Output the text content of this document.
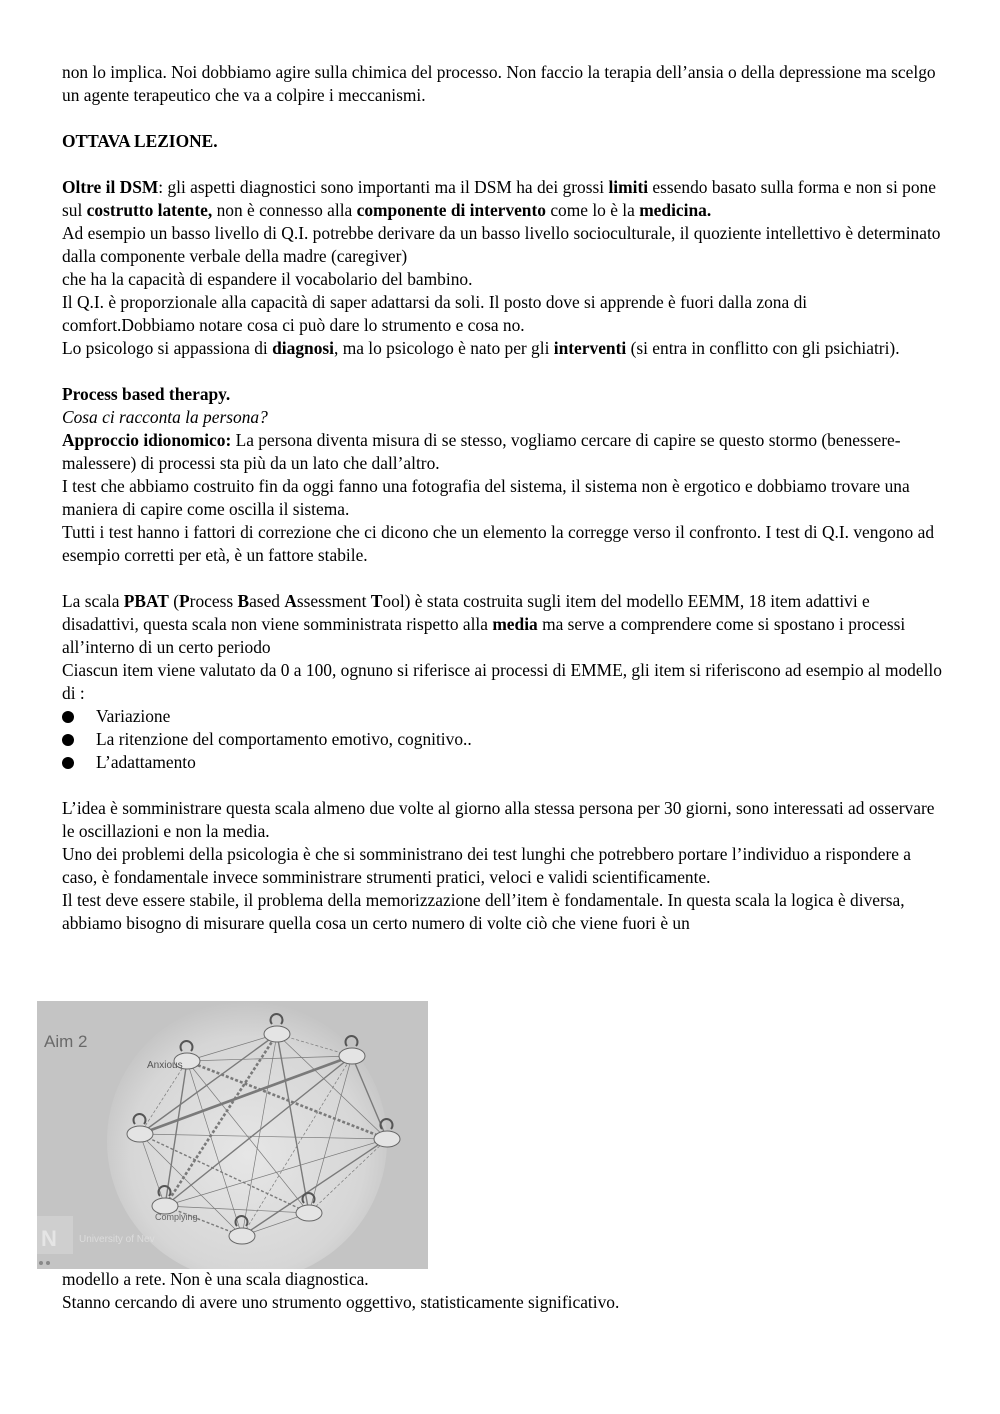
non lo implica. Noi dobbiamo agire sulla chimica del processo. Non faccio la terapia dell’ansia o della depressione ma scelgo un agente terapeutico che va a colpire i meccanismi.

OTTAVA LEZIONE.

Oltre il DSM: gli aspetti diagnostici sono importanti ma il DSM ha dei grossi limiti essendo basato sulla forma e non si pone sul costrutto latente, non è connesso alla componente di intervento come lo è la medicina.

Ad esempio un basso livello di Q.I. potrebbe derivare da un basso livello socioculturale, il quoziente intellettivo è determinato dalla componente verbale della madre (caregiver)

che ha la capacità di espandere il vocabolario del bambino.

Il Q.I. è proporzionale alla capacità di saper adattarsi da soli. Il posto dove si apprende è fuori dalla zona di comfort.Dobbiamo notare cosa ci può dare lo strumento e cosa no.

Lo psicologo si appassiona di diagnosi, ma lo psicologo è nato per gli interventi (si entra in conflitto con gli psichiatri).

Process based therapy.

Cosa ci racconta la persona?

Approccio idionomico: La persona diventa misura di se stesso, vogliamo cercare di capire se questo stormo (benessere-malessere) di processi sta più da un lato che dall’altro.

I test che abbiamo costruito fin da oggi fanno una fotografia del sistema, il sistema non è ergotico e dobbiamo trovare una maniera di capire come oscilla il sistema.

Tutti i test hanno i fattori di correzione che ci dicono che un elemento la corregge verso il confronto. I test di Q.I. vengono ad esempio corretti per età, è un fattore stabile.

La scala PBAT (Process Based Assessment Tool) è stata costruita sugli item del modello EEMM, 18 item adattivi e disadattivi, questa scala non viene somministrata rispetto alla media ma serve a comprendere come si spostano i processi all’interno di un certo periodo

Ciascun item viene valutato da 0 a 100, ognuno si riferisce ai processi di EMME, gli item si riferiscono ad esempio al modello di :

Variazione
La ritenzione del comportamento emotivo, cognitivo..
L’adattamento

L’idea è somministrare questa scala almeno due volte al giorno alla stessa persona per 30 giorni, sono interessati ad osservare le oscillazioni e non la media.

Uno dei problemi della psicologia è che si somministrano dei test lunghi che potrebbero portare l’individuo a rispondere a caso, è fondamentale invece somministrare strumenti pratici, veloci e validi scientificamente.

Il test deve essere stabile, il problema della memorizzazione dell’item è fondamentale. In questa scala la logica è diversa, abbiamo bisogno di misurare quella cosa un certo numero di volte ciò che viene fuori è un

Aim 2
Anxious
Complying
N University of Nev

modello a rete. Non è una scala diagnostica.

Stanno cercando di avere uno strumento oggettivo, statisticamente significativo.
